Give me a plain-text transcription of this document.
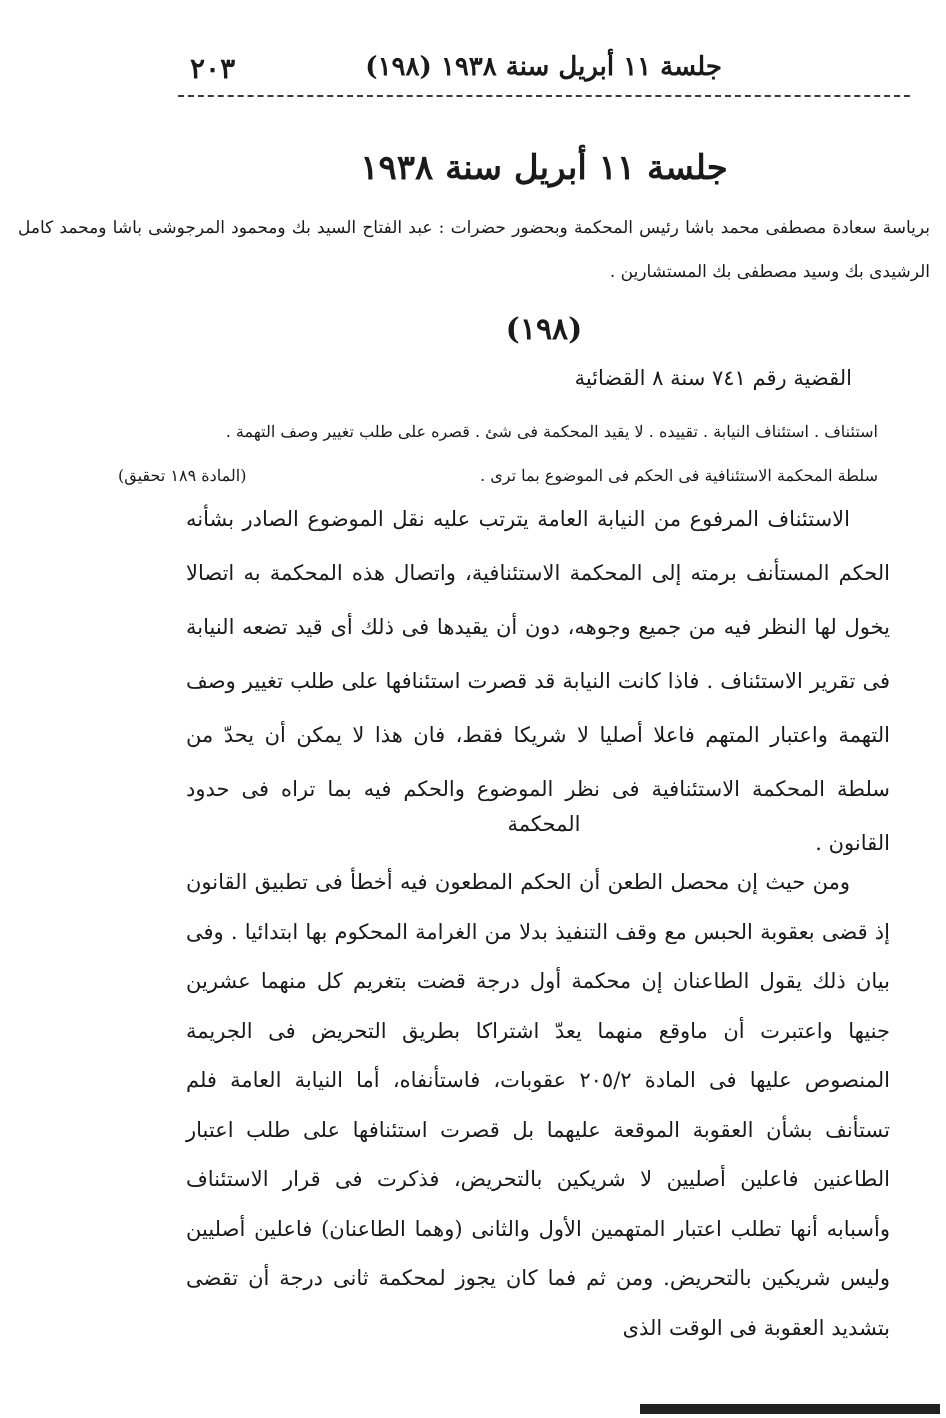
جلسة ١١ أبريل سنة ١٩٣٨ (١٩٨)
٢٠٣
جلسة ١١ أبريل سنة ١٩٣٨
برياسة سعادة مصطفى محمد باشا رئيس المحكمة وبحضور حضرات : عبد الفتاح السيد بك ومحمود المرجوشى باشا ومحمد كامل الرشيدى بك وسيد مصطفى بك المستشارين .
(١٩٨)
القضية رقم ٧٤١ سنة ٨ القضائية
استئناف . استئناف النيابة . تقييده . لا يقيد المحكمة فى شئ . قصره على طلب تغيير وصف التهمة .
سلطة المحكمة الاستئنافية فى الحكم فى الموضوع بما ترى .
(المادة ١٨٩ تحقيق)
الاستئناف المرفوع من النيابة العامة يترتب عليه نقل الموضوع الصادر بشأنه الحكم المستأنف برمته إلى المحكمة الاستئنافية، واتصال هذه المحكمة به اتصالا يخول لها النظر فيه من جميع وجوهه، دون أن يقيدها فى ذلك أى قيد تضعه النيابة فى تقرير الاستئناف . فاذا كانت النيابة قد قصرت استئنافها على طلب تغيير وصف التهمة واعتبار المتهم فاعلا أصليا لا شريكا فقط، فان هذا لا يمكن أن يحدّ من سلطة المحكمة الاستئنافية فى نظر الموضوع والحكم فيه بما تراه فى حدود القانون .
المحكمة
ومن حيث إن محصل الطعن أن الحكم المطعون فيه أخطأ فى تطبيق القانون إذ قضى بعقوبة الحبس مع وقف التنفيذ بدلا من الغرامة المحكوم بها ابتدائيا . وفى بيان ذلك يقول الطاعنان إن محكمة أول درجة قضت بتغريم كل منهما عشرين جنيها واعتبرت أن ماوقع منهما يعدّ اشتراكا بطريق التحريض فى الجريمة المنصوص عليها فى المادة ٢٠٥/٢ عقوبات، فاستأنفاه، أما النيابة العامة فلم تستأنف بشأن العقوبة الموقعة عليهما بل قصرت استئنافها على طلب اعتبار الطاعنين فاعلين أصليين لا شريكين بالتحريض، فذكرت فى قرار الاستئناف وأسبابه أنها تطلب اعتبار المتهمين الأول والثانى (وهما الطاعنان) فاعلين أصليين وليس شريكين بالتحريض. ومن ثم فما كان يجوز لمحكمة ثانى درجة أن تقضى بتشديد العقوبة فى الوقت الذى
